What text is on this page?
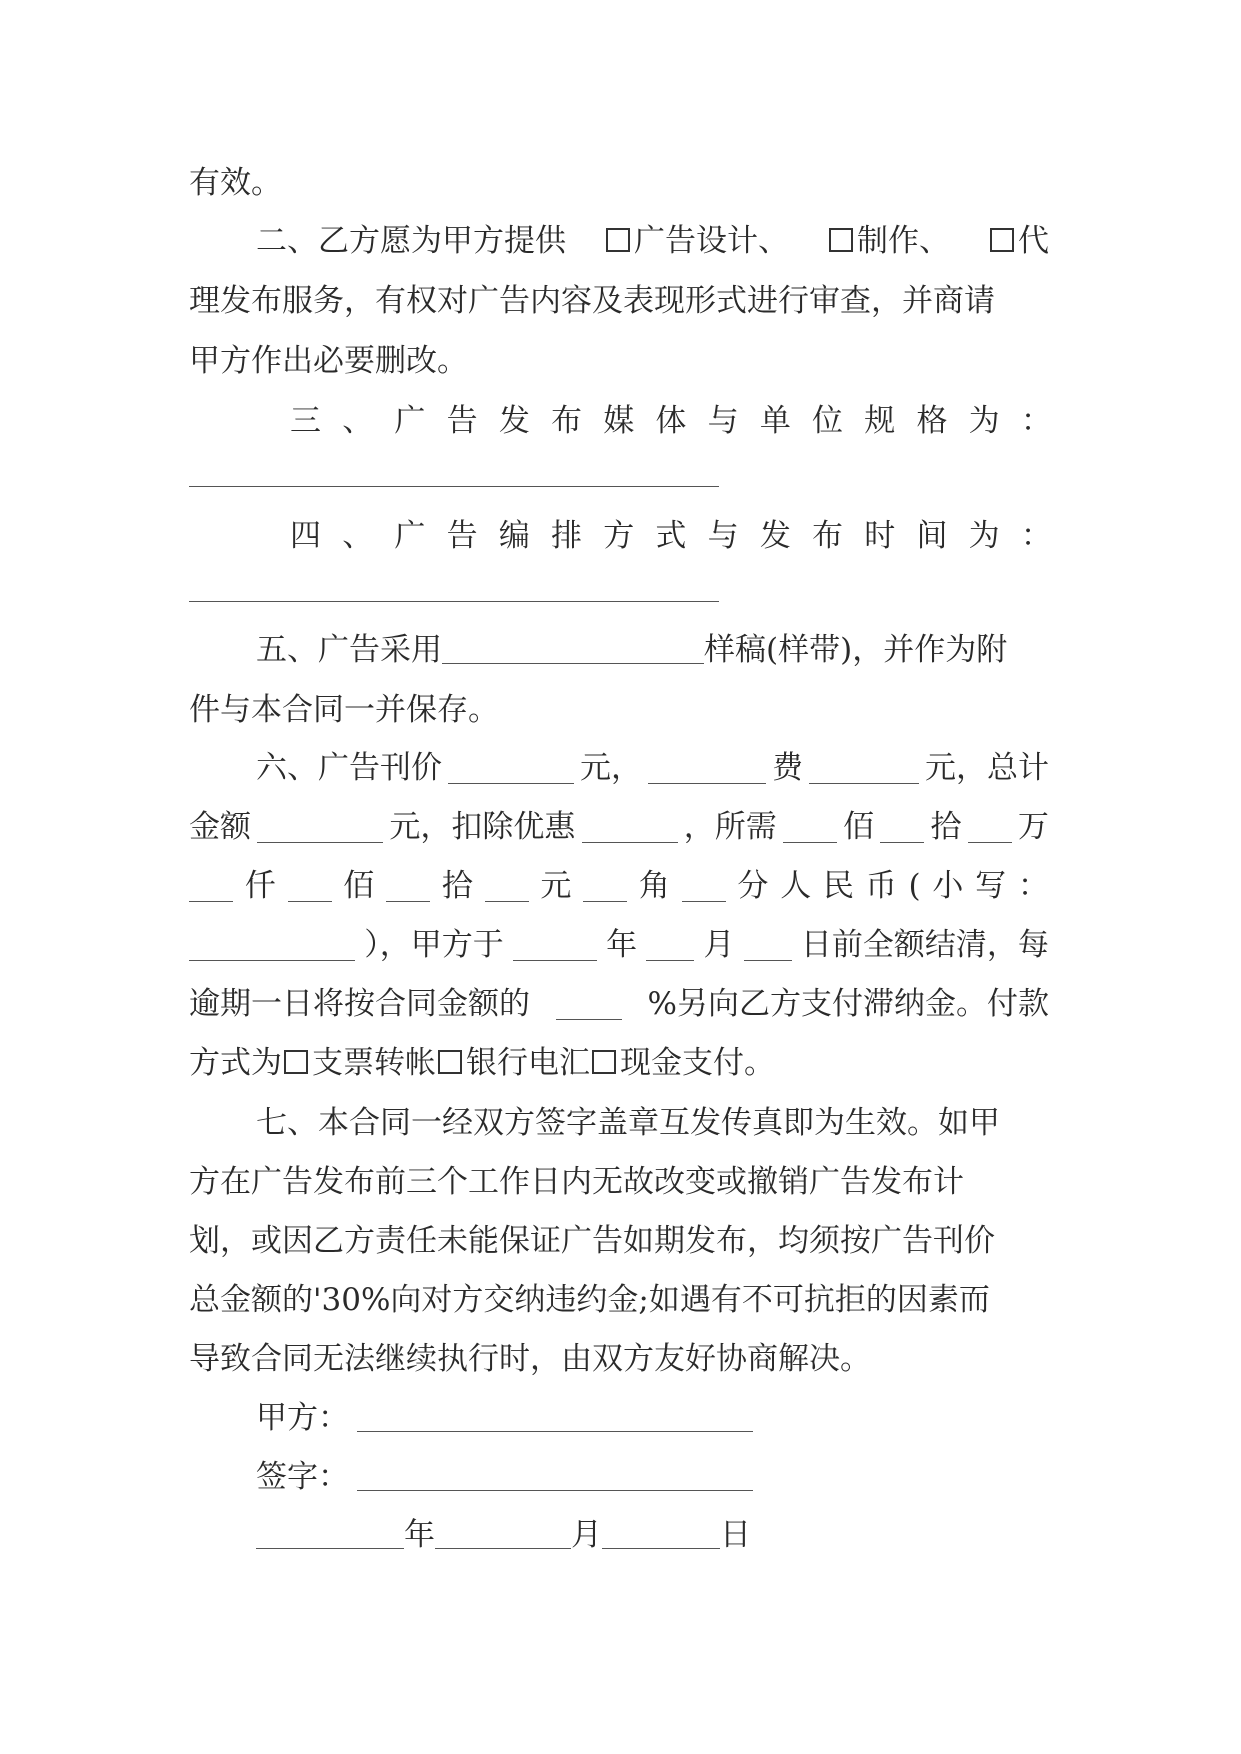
有效。
二、乙方愿为甲方提供	广告设计、	制作、	代
理发布服务，有权对广告内容及表现形式进行审查，并商请
甲方作出必要删改。
三 、 广 告 发 布 媒 体 与 单 位 规 格 为 ：
四 、 广 告 编 排 方 式 与 发 布 时 间 为 ：
五、广告采用	样稿(样带)，并作为附
件与本合同一并保存。
六、广告刊价	元，	费	元，总计
金额	元，扣除优惠	，所需 佰 拾 万
仟 佰 拾 元 角 分 人 民 币 ( 小 写 ：
），甲方于	年 月 日前全额结清，每
逾期一日将按合同金额的	%另向乙方支付滞纳金。付款
方式为 支票转帐 银行电汇 现金支付。
七、本合同一经双方签字盖章互发传真即为生效。如甲
方在广告发布前三个工作日内无故改变或撤销广告发布计
划，或因乙方责任未能保证广告如期发布，均须按广告刊价
总金额的'30%向对方交纳违约金;如遇有不可抗拒的因素而
导致合同无法继续执行时，由双方友好协商解决。
甲方：
签字：
年	月	日
